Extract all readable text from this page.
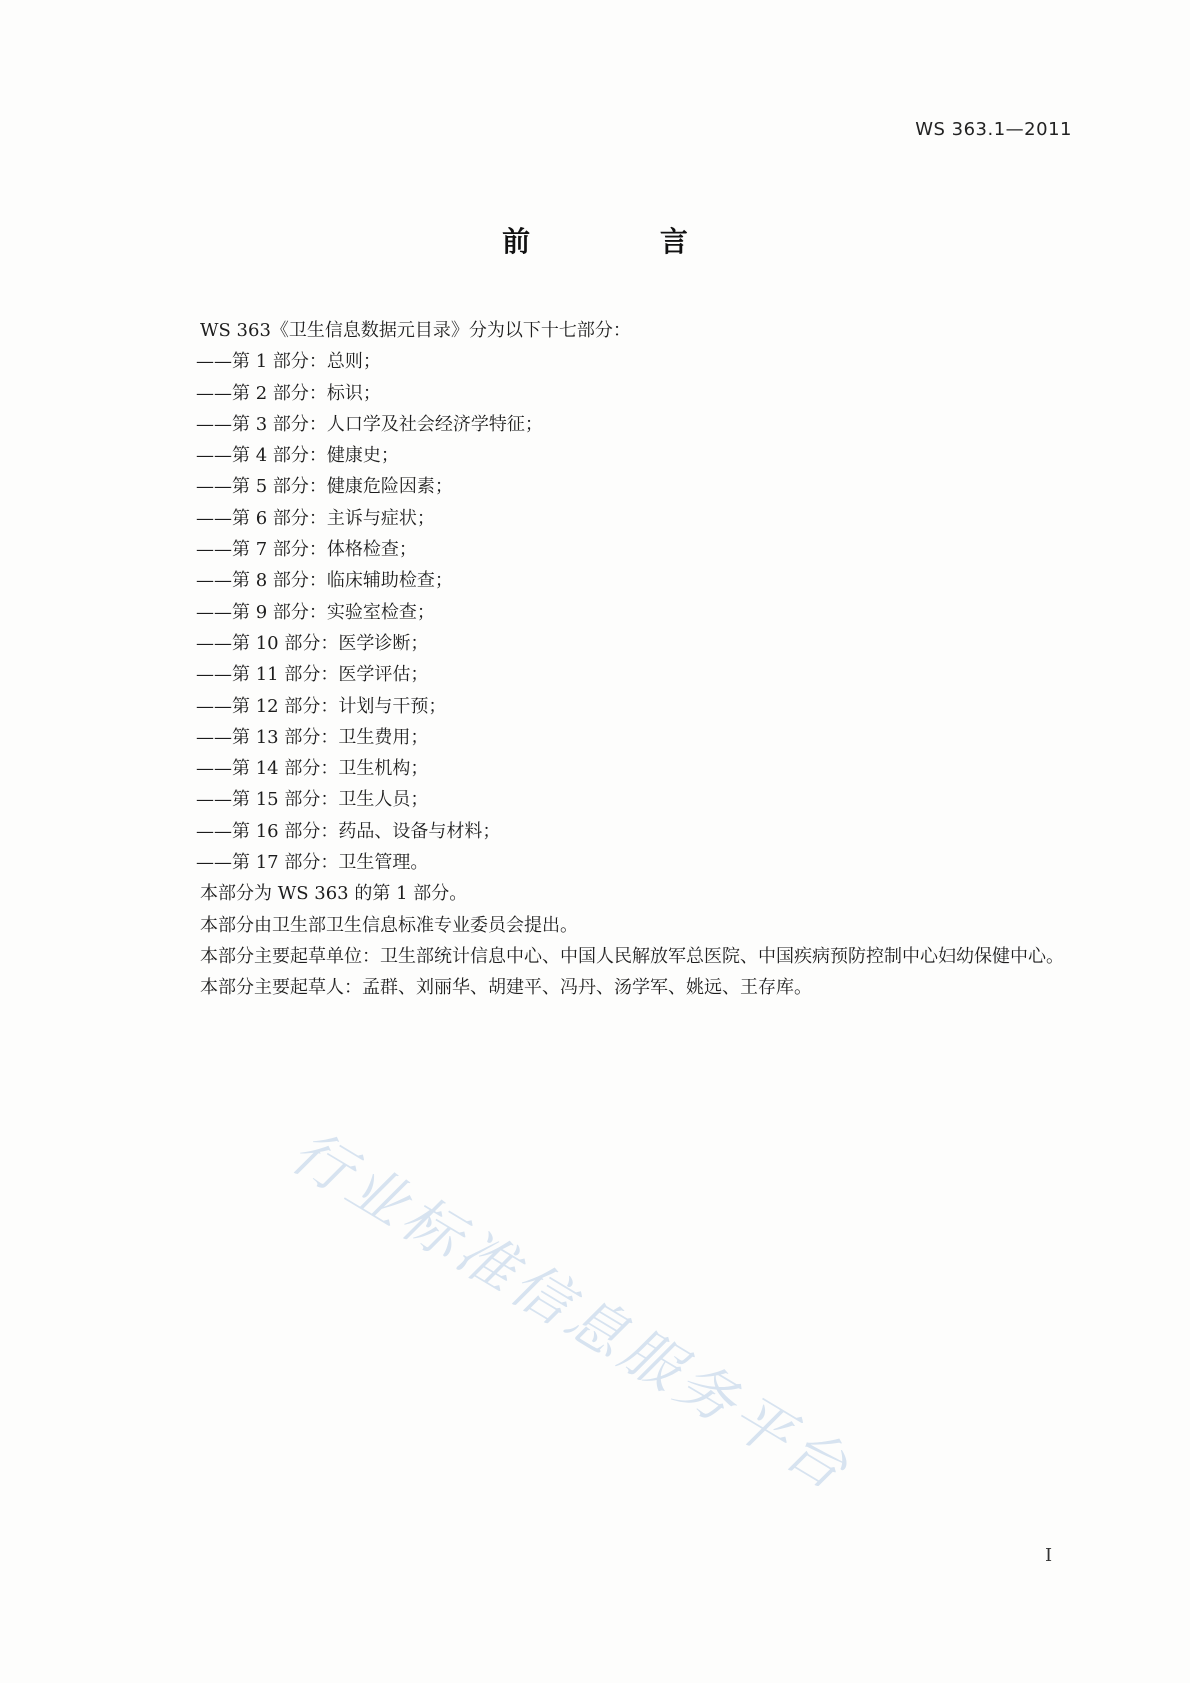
WS 363.1—2011
前 言
WS 363《卫生信息数据元目录》分为以下十七部分：
——第 1 部分：总则；
——第 2 部分：标识；
——第 3 部分：人口学及社会经济学特征；
——第 4 部分：健康史；
——第 5 部分：健康危险因素；
——第 6 部分：主诉与症状；
——第 7 部分：体格检查；
——第 8 部分：临床辅助检查；
——第 9 部分：实验室检查；
——第 10 部分：医学诊断；
——第 11 部分：医学评估；
——第 12 部分：计划与干预；
——第 13 部分：卫生费用；
——第 14 部分：卫生机构；
——第 15 部分：卫生人员；
——第 16 部分：药品、设备与材料；
——第 17 部分：卫生管理。
本部分为 WS 363 的第 1 部分。
本部分由卫生部卫生信息标准专业委员会提出。
本部分主要起草单位：卫生部统计信息中心、中国人民解放军总医院、中国疾病预防控制中心妇幼保健中心。
本部分主要起草人：孟群、刘丽华、胡建平、冯丹、汤学军、姚远、王存库。
行业标准信息服务平台
I
